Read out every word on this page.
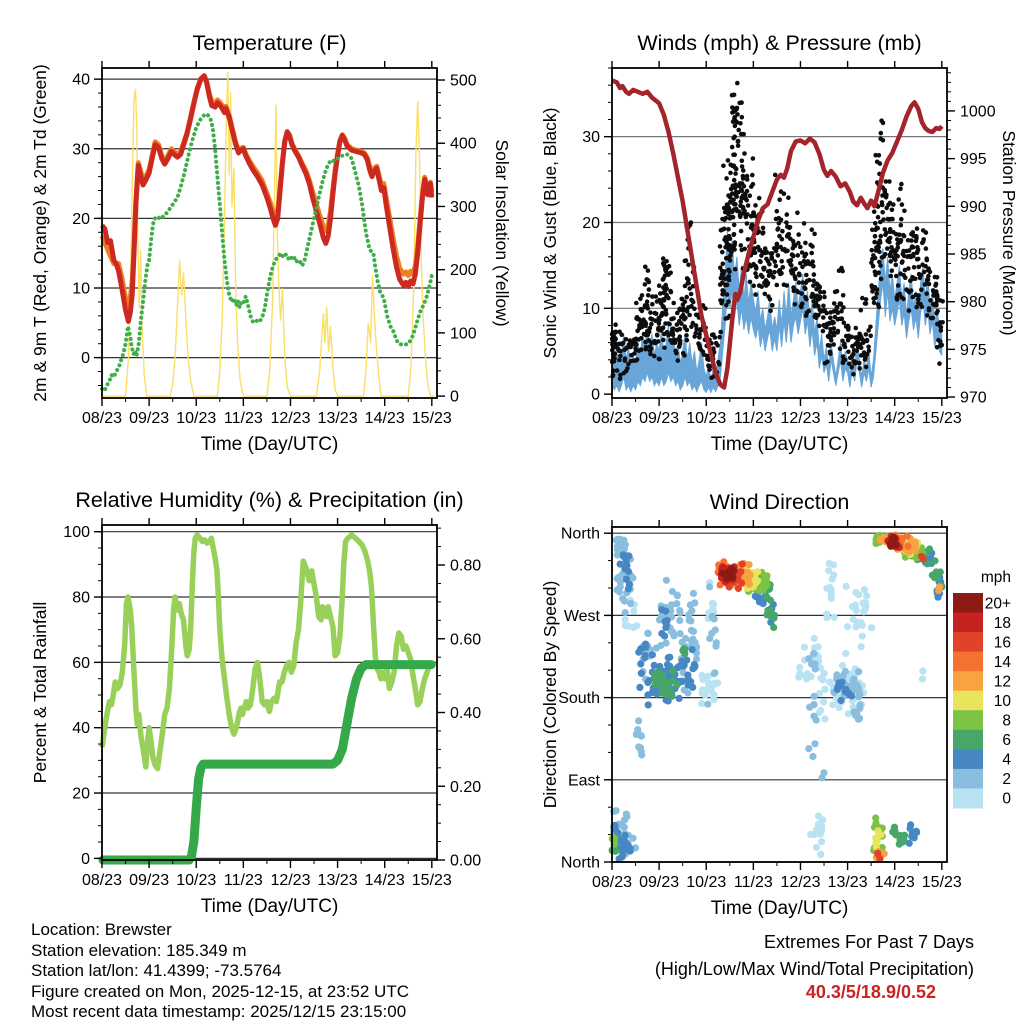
08/23 09/23 10/23 11/23 12/23 13/23 14/23 15/23
0
10
20
30
40
0
100
200
300
400
500
Temperature (F)
Time (Day/UTC)
2m & 9m T (Red, Orange) & 2m Td (Green)	Solar Insolation (Yellow)
08/23 09/23 10/23 11/23 12/23 13/23 14/23 15/23
0
10
20
30
970
975
980
985
990
995
1000
Winds (mph) & Pressure (mb)
Time (Day/UTC)
Sonic Wind & Gust (Blue, Black)	Station Pressure (Maroon)
08/23 09/23 10/23 11/23 12/23 13/23 14/23 15/23
0
20
40
60
80
100
0.00
0.20
0.40
0.60
0.80
Relative Humidity (%) & Precipitation (in)
Time (Day/UTC)
Percent & Total Rainfall
08/23 09/23 10/23 11/23 12/23 13/23 14/23 15/23
North
East
South
West
North
Wind Direction
Time (Day/UTC)
Direction (Colored By Speed)	20+
18
16
14
12
10
8
6
4
2
0
mph
Location: Brewster
Station elevation: 185.349 m
Station lat/lon: 41.4399; -73.5764
Figure created on Mon, 2025-12-15, at 23:52 UTC
Most recent data timestamp: 2025/12/15 23:15:00
Extremes For Past 7 Days
(High/Low/Max Wind/Total Precipitation)
40.3/5/18.9/0.52
